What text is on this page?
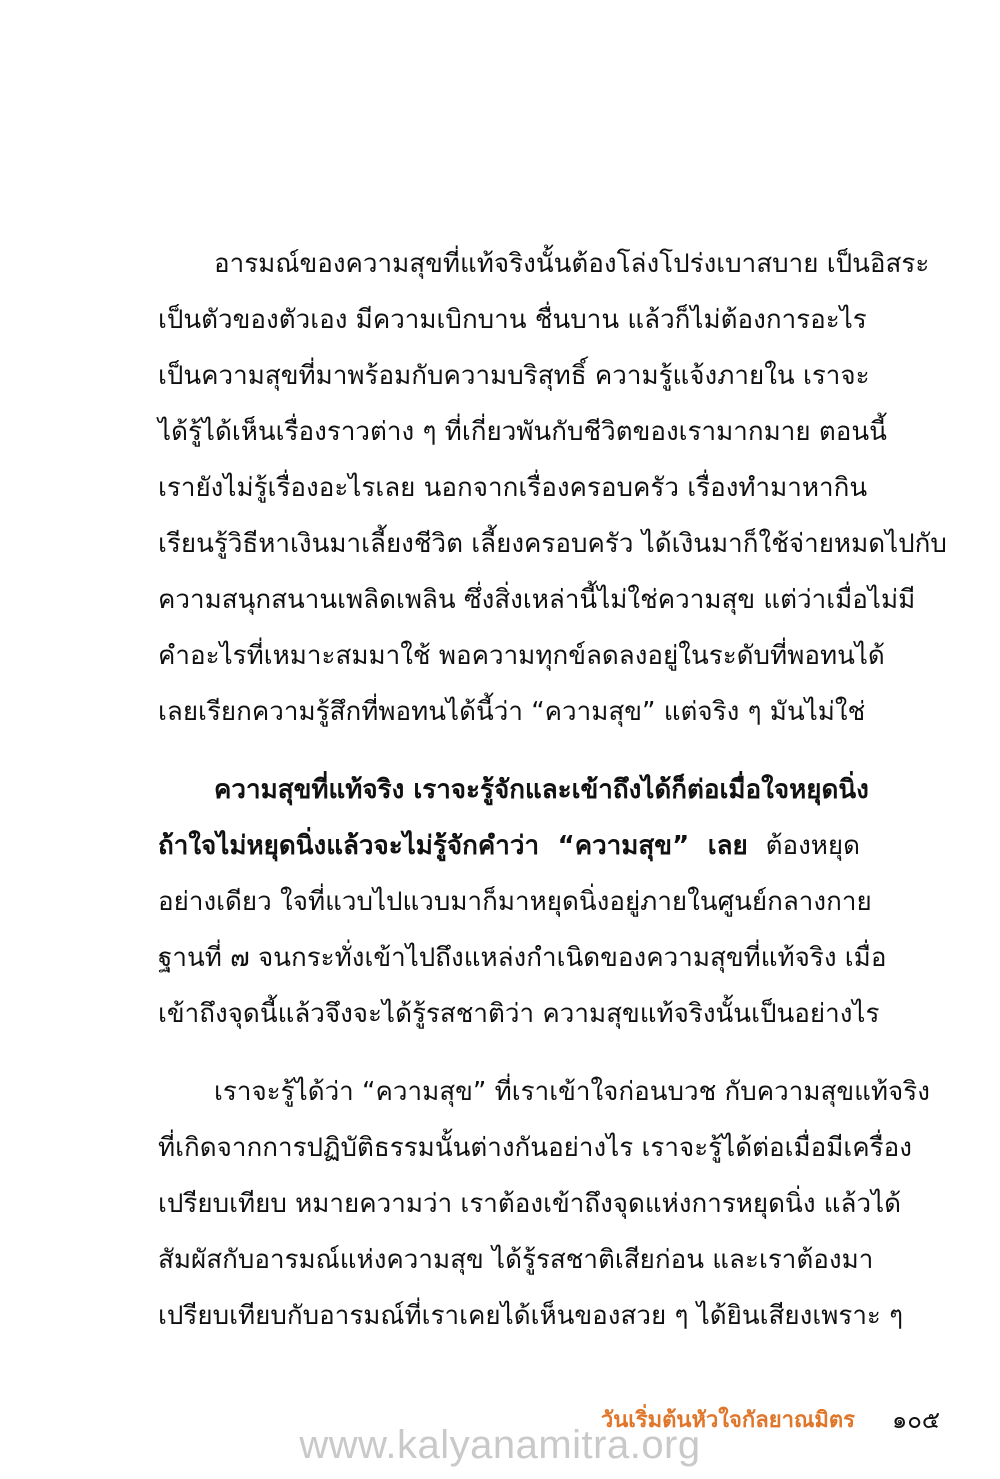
อารมณ์ของความสุขที่แท้จริงนั้นต้องโล่งโปร่งเบาสบาย เป็นอิสระ
เป็นตัวของตัวเอง มีความเบิกบาน ชื่นบาน แล้วก็ไม่ต้องการอะไร
เป็นความสุขที่มาพร้อมกับความบริสุทธิ์ ความรู้แจ้งภายใน เราจะ
ได้รู้ได้เห็นเรื่องราวต่าง ๆ ที่เกี่ยวพันกับชีวิตของเรามากมาย ตอนนี้
เรายังไม่รู้เรื่องอะไรเลย นอกจากเรื่องครอบครัว เรื่องทำมาหากิน
เรียนรู้วิธีหาเงินมาเลี้ยงชีวิต เลี้ยงครอบครัว ได้เงินมาก็ใช้จ่ายหมดไปกับ
ความสนุกสนานเพลิดเพลิน ซึ่งสิ่งเหล่านี้ไม่ใช่ความสุข แต่ว่าเมื่อไม่มี
คำอะไรที่เหมาะสมมาใช้ พอความทุกข์ลดลงอยู่ในระดับที่พอทนได้
เลยเรียกความรู้สึกที่พอทนได้นี้ว่า “ความสุข” แต่จริง ๆ มันไม่ใช่
ความสุขที่แท้จริง เราจะรู้จักและเข้าถึงได้ก็ต่อเมื่อใจหยุดนิ่ง
ถ้าใจไม่หยุดนิ่งแล้วจะไม่รู้จักคำว่า “ความสุข” เลย ต้องหยุด
อย่างเดียว ใจที่แวบไปแวบมาก็มาหยุดนิ่งอยู่ภายในศูนย์กลางกาย
ฐานที่ ๗ จนกระทั่งเข้าไปถึงแหล่งกำเนิดของความสุขที่แท้จริง เมื่อ
เข้าถึงจุดนี้แล้วจึงจะได้รู้รสชาติว่า ความสุขแท้จริงนั้นเป็นอย่างไร
เราจะรู้ได้ว่า “ความสุข” ที่เราเข้าใจก่อนบวช กับความสุขแท้จริง
ที่เกิดจากการปฏิบัติธรรมนั้นต่างกันอย่างไร เราจะรู้ได้ต่อเมื่อมีเครื่อง
เปรียบเทียบ หมายความว่า เราต้องเข้าถึงจุดแห่งการหยุดนิ่ง แล้วได้
สัมผัสกับอารมณ์แห่งความสุข ได้รู้รสชาติเสียก่อน และเราต้องมา
เปรียบเทียบกับอารมณ์ที่เราเคยได้เห็นของสวย ๆ ได้ยินเสียงเพราะ ๆ
วันเริ่มต้นหัวใจกัลยาณมิตร ๑๐๕
www.kalyanamitra.org
